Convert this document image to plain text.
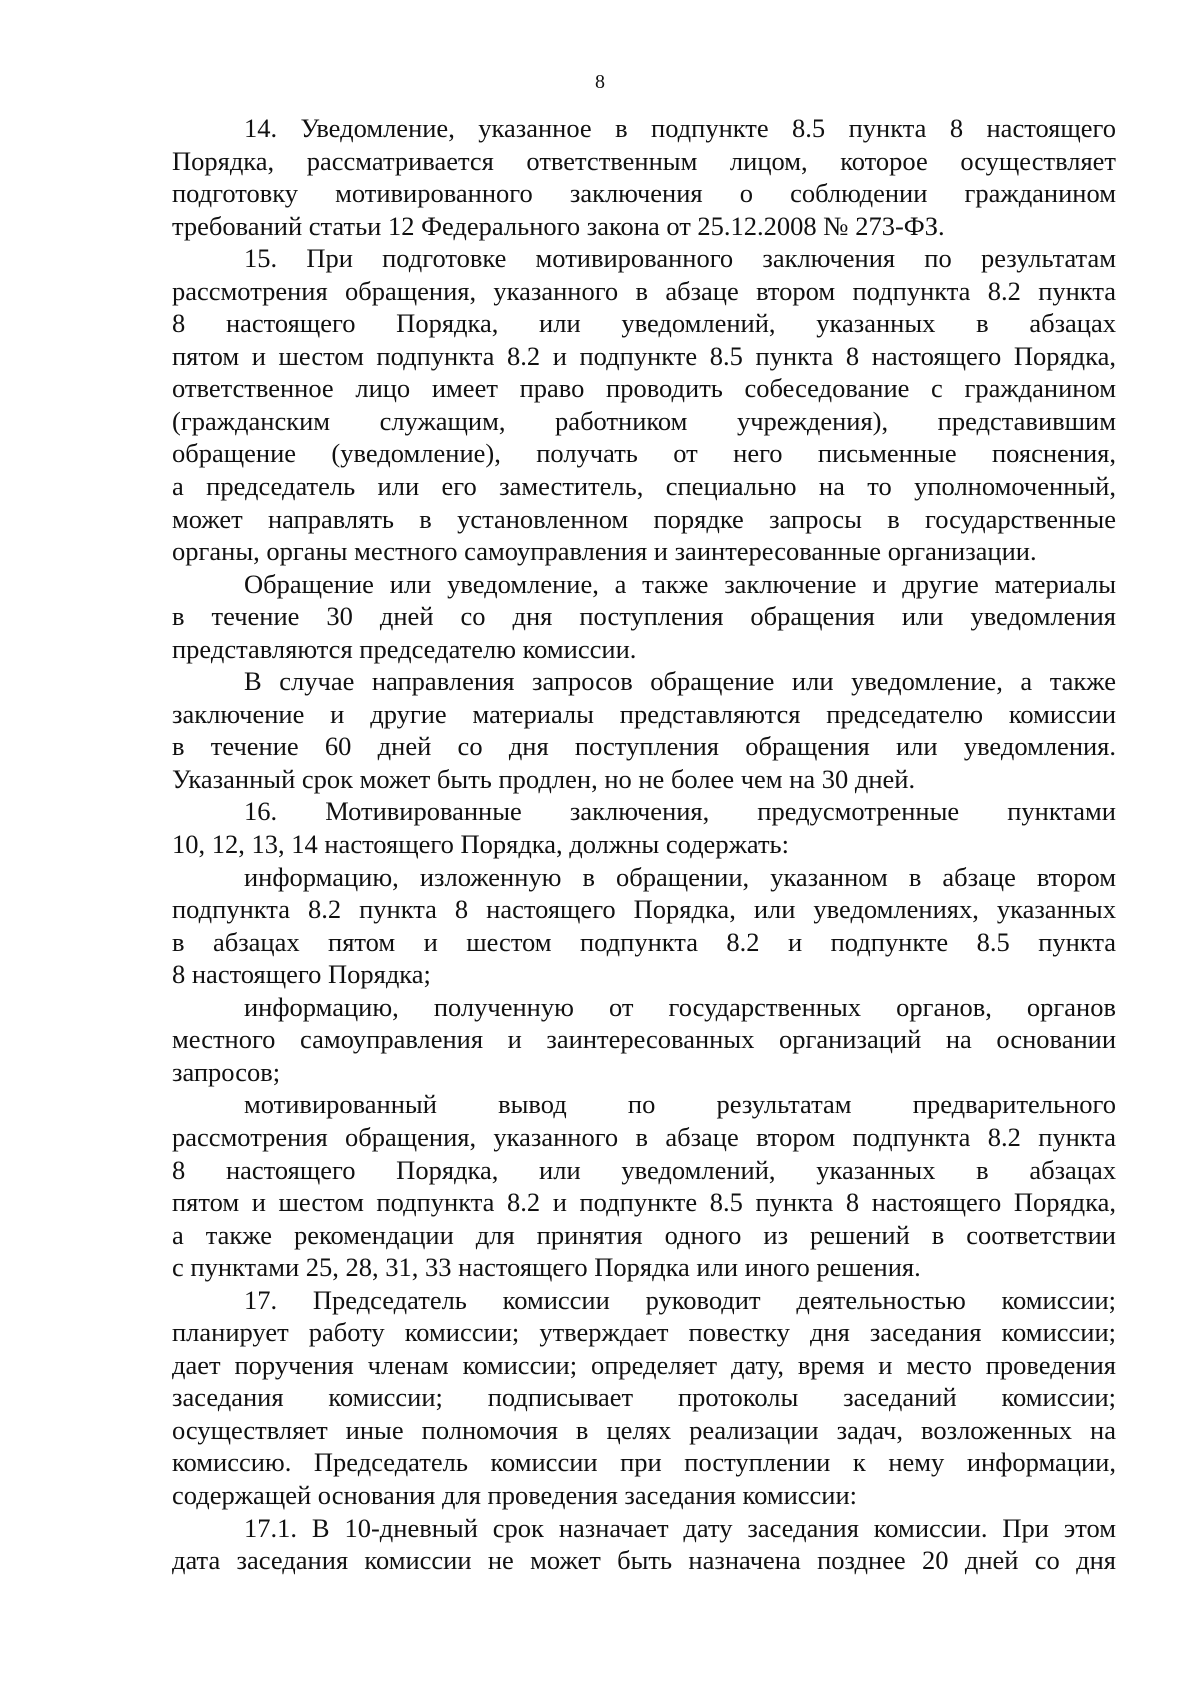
8
14. Уведомление, указанное в подпункте 8.5 пункта 8 настоящего
Порядка, рассматривается ответственным лицом, которое осуществляет
подготовку мотивированного заключения о соблюдении гражданином
требований статьи 12 Федерального закона от 25.12.2008 № 273-ФЗ.
15. При подготовке мотивированного заключения по результатам
рассмотрения обращения, указанного в абзаце втором подпункта 8.2 пункта
8 настоящего Порядка, или уведомлений, указанных в абзацах
пятом и шестом подпункта 8.2 и подпункте 8.5 пункта 8 настоящего Порядка,
ответственное лицо имеет право проводить собеседование с гражданином
(гражданским служащим, работником учреждения), представившим
обращение (уведомление), получать от него письменные пояснения,
а председатель или его заместитель, специально на то уполномоченный,
может направлять в установленном порядке запросы в государственные
органы, органы местного самоуправления и заинтересованные организации.
Обращение или уведомление, а также заключение и другие материалы
в течение 30 дней со дня поступления обращения или уведомления
представляются председателю комиссии.
В случае направления запросов обращение или уведомление, а также
заключение и другие материалы представляются председателю комиссии
в течение 60 дней со дня поступления обращения или уведомления.
Указанный срок может быть продлен, но не более чем на 30 дней.
16. Мотивированные заключения, предусмотренные пунктами
10, 12, 13, 14 настоящего Порядка, должны содержать:
информацию, изложенную в обращении, указанном в абзаце втором
подпункта 8.2 пункта 8 настоящего Порядка, или уведомлениях, указанных
в абзацах пятом и шестом подпункта 8.2 и подпункте 8.5 пункта
8 настоящего Порядка;
информацию, полученную от государственных органов, органов
местного самоуправления и заинтересованных организаций на основании
запросов;
мотивированный вывод по результатам предварительного
рассмотрения обращения, указанного в абзаце втором подпункта 8.2 пункта
8 настоящего Порядка, или уведомлений, указанных в абзацах
пятом и шестом подпункта 8.2 и подпункте 8.5 пункта 8 настоящего Порядка,
а также рекомендации для принятия одного из решений в соответствии
с пунктами 25, 28, 31, 33 настоящего Порядка или иного решения.
17. Председатель комиссии руководит деятельностью комиссии;
планирует работу комиссии; утверждает повестку дня заседания комиссии;
дает поручения членам комиссии; определяет дату, время и место проведения
заседания комиссии; подписывает протоколы заседаний комиссии;
осуществляет иные полномочия в целях реализации задач, возложенных на
комиссию. Председатель комиссии при поступлении к нему информации,
содержащей основания для проведения заседания комиссии:
17.1. В 10-дневный срок назначает дату заседания комиссии. При этом
дата заседания комиссии не может быть назначена позднее 20 дней со дня
